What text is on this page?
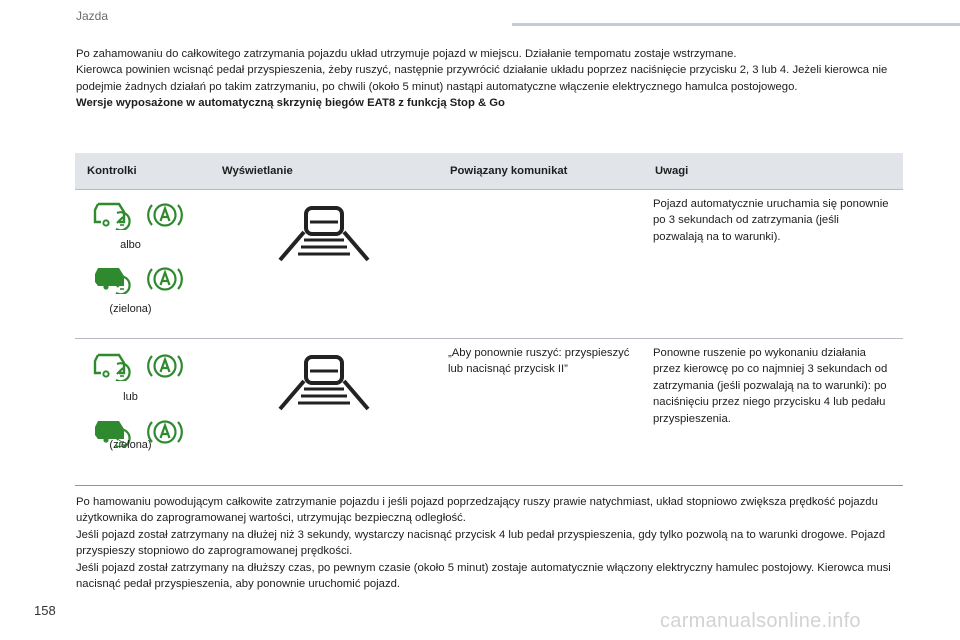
Jazda

Po zahamowaniu do całkowitego zatrzymania pojazdu układ utrzymuje pojazd w miejscu. Działanie tempomatu zostaje wstrzymane.

Kierowca powinien wcisnąć pedał przyspieszenia, żeby ruszyć, następnie przywrócić działanie układu poprzez naciśnięcie przycisku 2, 3 lub 4. Jeżeli kierowca nie podejmie żadnych działań po takim zatrzymaniu, po chwili (około 5 minut) nastąpi automatyczne włączenie elektrycznego hamulca postojowego.

Wersje wyposażone w automatyczną skrzynię biegów EAT8 z funkcją Stop & Go

Kontrolki	Wyświetlanie	Powiązany komunikat	Uwagi

albo
(zielona)			Pojazd automatycznie uruchamia się ponownie po 3 sekundach od zatrzymania (jeśli pozwalają na to warunki).

lub
(zielona)		„Aby ponownie ruszyć: przyspieszyć lub nacisnąć przycisk II”	Ponowne ruszenie po wykonaniu działania przez kierowcę po co najmniej 3 sekundach od zatrzymania (jeśli pozwalają na to warunki): po naciśnięciu przez niego przycisku 4 lub pedału przyspieszenia.

Po hamowaniu powodującym całkowite zatrzymanie pojazdu i jeśli pojazd poprzedzający ruszy prawie natychmiast, układ stopniowo zwiększa prędkość pojazdu użytkownika do zaprogramowanej wartości, utrzymując bezpieczną odległość.

Jeśli pojazd został zatrzymany na dłużej niż 3 sekundy, wystarczy nacisnąć przycisk 4 lub pedał przyspieszenia, gdy tylko pozwolą na to warunki drogowe. Pojazd przyspieszy stopniowo do zaprogramowanej prędkości.

Jeśli pojazd został zatrzymany na dłuższy czas, po pewnym czasie (około 5 minut) zostaje automatycznie włączony elektryczny hamulec postojowy. Kierowca musi nacisnąć pedał przyspieszenia, aby ponownie uruchomić pojazd.

158	carmanualsonline.info
